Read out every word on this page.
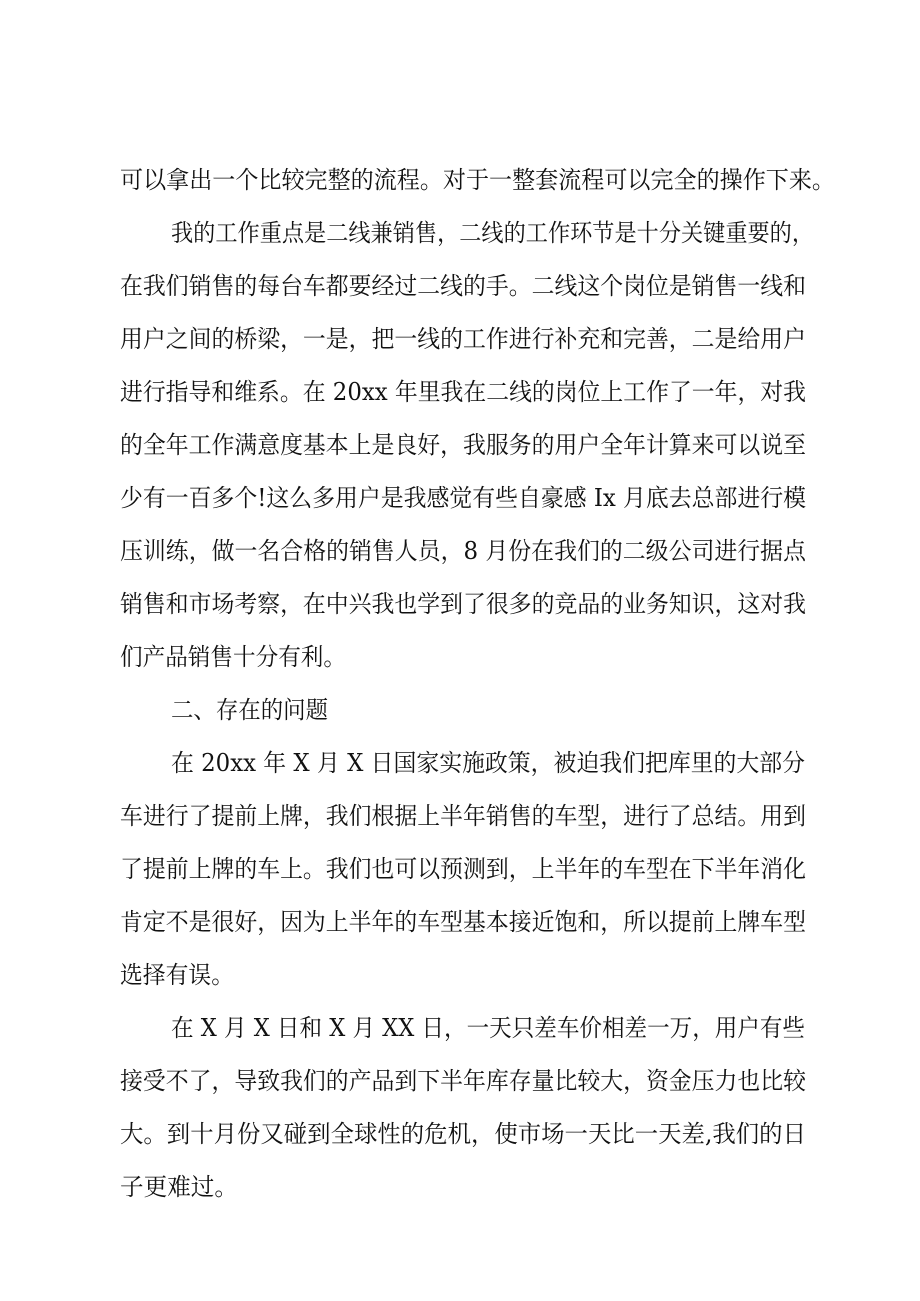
可以拿出一个比较完整的流程。对于一整套流程可以完全的操作下来。
我的工作重点是二线兼销售，二线的工作环节是十分关键重要的，
在我们销售的每台车都要经过二线的手。二线这个岗位是销售一线和
用户之间的桥梁，一是，把一线的工作进行补充和完善，二是给用户
进行指导和维系。在 20xx 年里我在二线的岗位上工作了一年，对我
的全年工作满意度基本上是良好，我服务的用户全年计算来可以说至
少有一百多个!这么多用户是我感觉有些自豪感 Ix 月底去总部进行模
压训练，做一名合格的销售人员，8 月份在我们的二级公司进行据点
销售和市场考察，在中兴我也学到了很多的竞品的业务知识，这对我
们产品销售十分有利。
二、存在的问题
在 20xx 年 X 月 X 日国家实施政策，被迫我们把库里的大部分
车进行了提前上牌，我们根据上半年销售的车型，进行了总结。用到
了提前上牌的车上。我们也可以预测到，上半年的车型在下半年消化
肯定不是很好，因为上半年的车型基本接近饱和，所以提前上牌车型
选择有误。
在 X 月 X 日和 X 月 XX 日，一天只差车价相差一万，用户有些
接受不了，导致我们的产品到下半年库存量比较大，资金压力也比较
大。到十月份又碰到全球性的危机，使市场一天比一天差,我们的日
子更难过。
